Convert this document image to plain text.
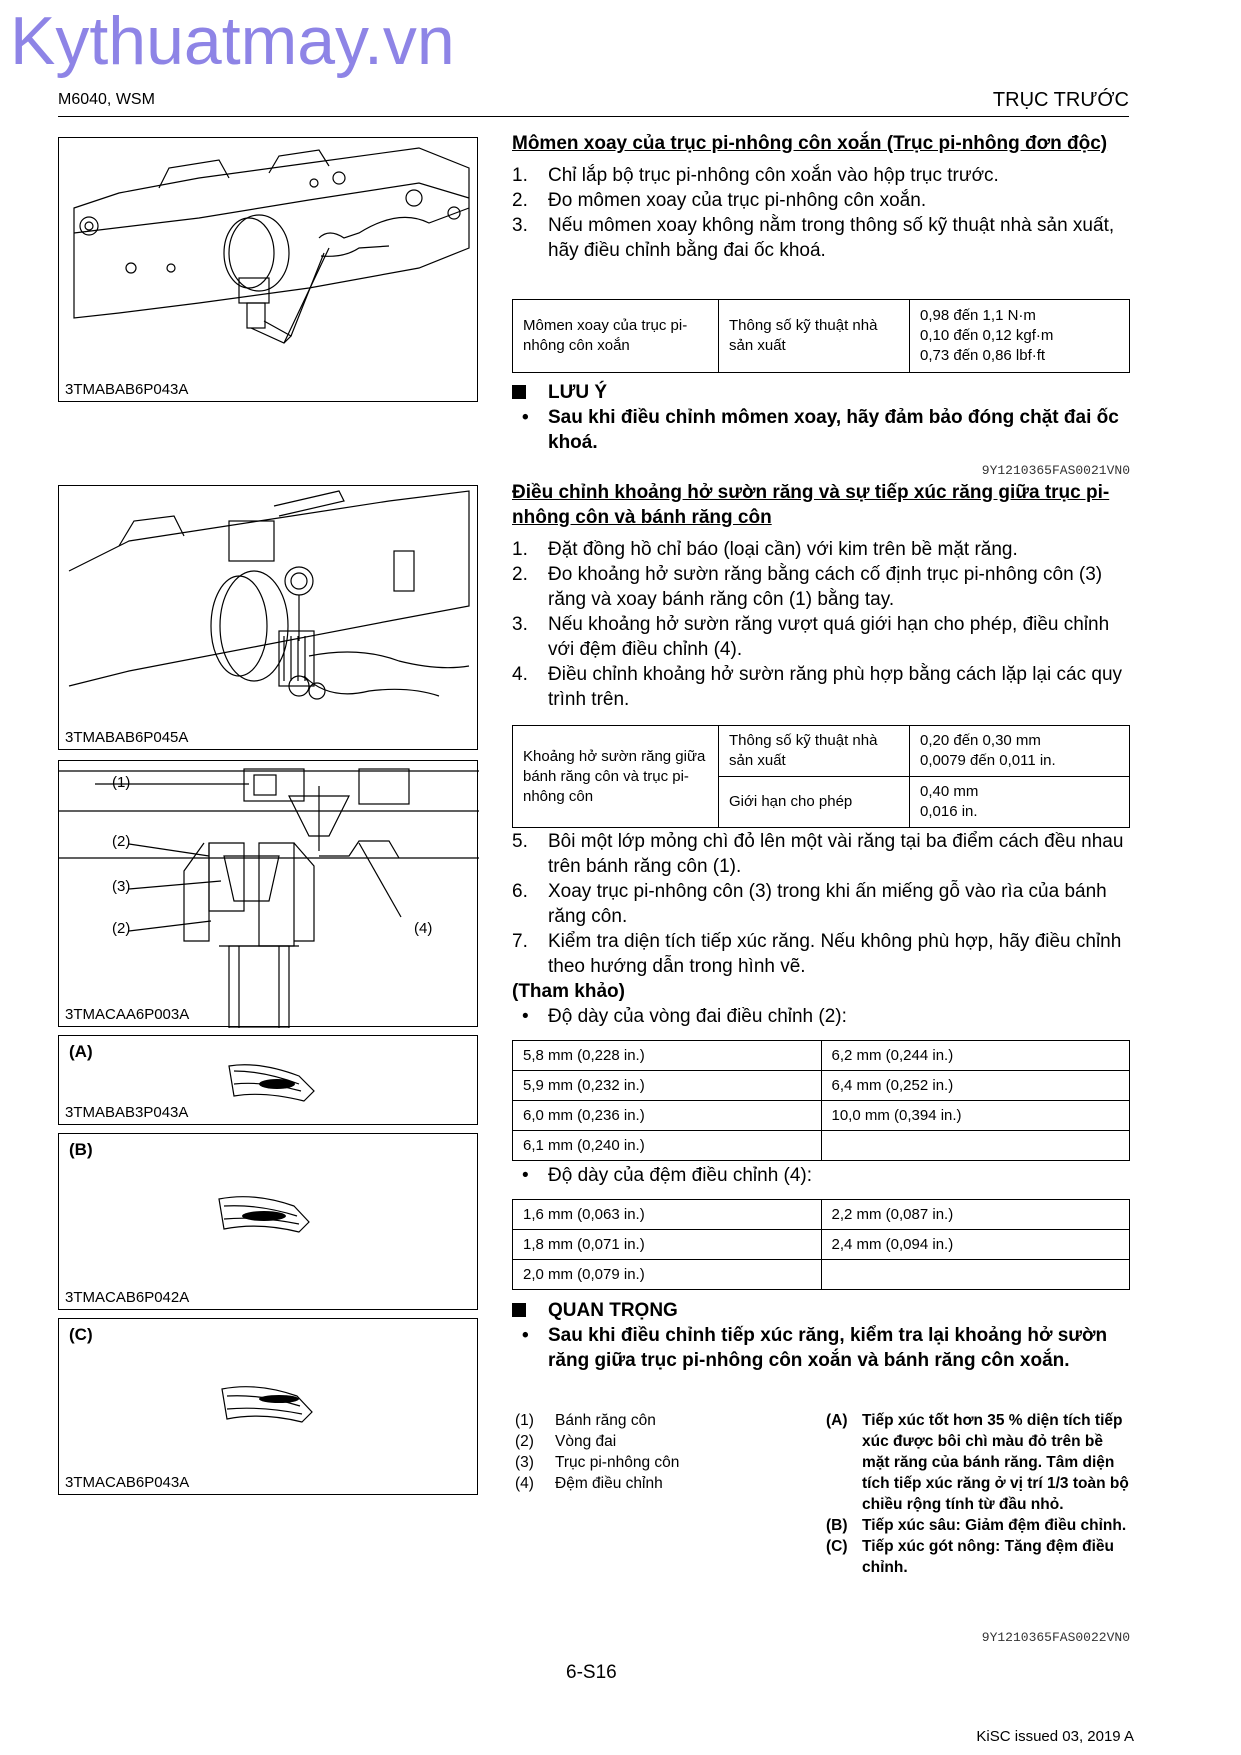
Kythuatmay.vn
M6040, WSM	TRỤC TRƯỚC
3TMABAB6P043A
3TMABAB6P045A
(1)
(2)
(3)
(2)	(4)
3TMACAA6P003A
(A)
3TMABAB3P043A
(B)
3TMACAB6P042A
(C)
3TMACAB6P043A
Mômen xoay của trục pi-nhông côn xoắn (Trục pi-nhông đơn độc)
1. Chỉ lắp bộ trục pi-nhông côn xoắn vào hộp trục trước.
2. Đo mômen xoay của trục pi-nhông côn xoắn.
3. Nếu mômen xoay không nằm trong thông số kỹ thuật nhà sản xuất, hãy điều chỉnh bằng đai ốc khoá.
Mômen xoay của trục pi-nhông côn xoắn	Thông số kỹ thuật nhà sản xuất	
0,98 đến 1,1 N·m
0,10 đến 0,12 kgf·m
0,73 đến 0,86 lbf·ft
LƯU Ý
• Sau khi điều chỉnh mômen xoay, hãy đảm bảo đóng chặt đai ốc khoá.
9Y1210365FAS0021VN0
Điều chỉnh khoảng hở sườn răng và sự tiếp xúc răng giữa trục pi-nhông côn và bánh răng côn
1. Đặt đồng hồ chỉ báo (loại cần) với kim trên bề mặt răng.
2. Đo khoảng hở sườn răng bằng cách cố định trục pi-nhông côn (3) răng và xoay bánh răng côn (1) bằng tay.
3. Nếu khoảng hở sườn răng vượt quá giới hạn cho phép, điều chỉnh với đệm điều chỉnh (4).
4. Điều chỉnh khoảng hở sườn răng phù hợp bằng cách lặp lại các quy trình trên.
Khoảng hở sườn răng giữa bánh răng côn và trục pi-nhông côn	Thông số kỹ thuật nhà sản xuất	0,20 đến 0,30 mm
0,0079 đến 0,011 in.

	Giới hạn cho phép	0,40 mm
0,016 in.
5. Bôi một lớp mỏng chì đỏ lên một vài răng tại ba điểm cách đều nhau trên bánh răng côn (1).
6. Xoay trục pi-nhông côn (3) trong khi ấn miếng gỗ vào rìa của bánh răng côn.
7. Kiểm tra diện tích tiếp xúc răng. Nếu không phù hợp, hãy điều chỉnh theo hướng dẫn trong hình vẽ.
(Tham khảo)
• Độ dày của vòng đai điều chỉnh (2):
5,8 mm (0,228 in.)	6,2 mm (0,244 in.)
5,9 mm (0,232 in.)	6,4 mm (0,252 in.)
6,0 mm (0,236 in.)	10,0 mm (0,394 in.)
6,1 mm (0,240 in.)	
• Độ dày của đệm điều chỉnh (4):
1,6 mm (0,063 in.)	2,2 mm (0,087 in.)
1,8 mm (0,071 in.)	2,4 mm (0,094 in.)
2,0 mm (0,079 in.)	
QUAN TRỌNG
• Sau khi điều chỉnh tiếp xúc răng, kiểm tra lại khoảng hở sườn răng giữa trục pi-nhông côn xoắn và bánh răng côn xoắn.
(1) Bánh răng côn
(2) Vòng đai
(3) Trục pi-nhông côn
(4) Đệm điều chỉnh
(A) Tiếp xúc tốt hơn 35 % diện tích tiếp xúc được bôi chì màu đỏ trên bề mặt răng của bánh răng. Tâm diện tích tiếp xúc răng ở vị trí 1/3 toàn bộ chiều rộng tính từ đầu nhỏ.
(B) Tiếp xúc sâu: Giảm đệm điều chỉnh.
(C) Tiếp xúc gót nông: Tăng đệm điều chỉnh.
9Y1210365FAS0022VN0
6-S16
KiSC issued 03, 2019 A
